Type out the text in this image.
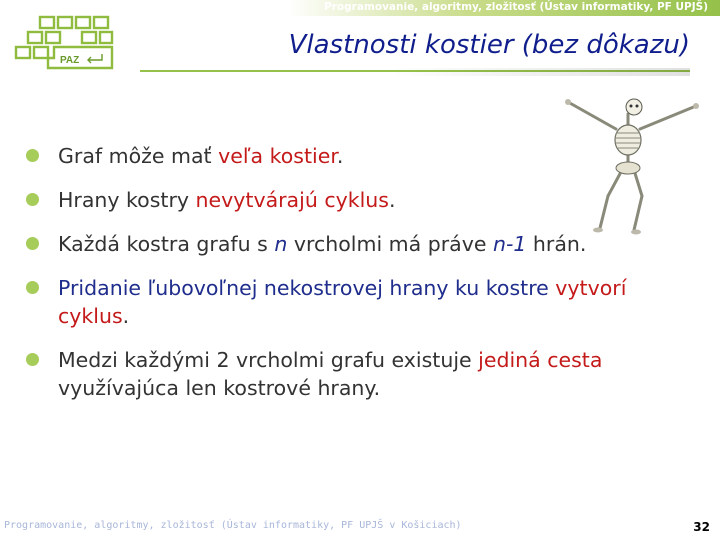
Programovanie, algoritmy, zložitosť (Ústav informatiky, PF UPJŠ)
PAZ
Vlastnosti kostier (bez dôkazu)
Graf môže mať veľa kostier.
Hrany kostry nevytvárajú cyklus.
Každá kostra grafu s n vrcholmi má práve n-1 hrán.
Pridanie ľubovoľnej nekostrovej hrany ku kostre vytvorí cyklus.
Medzi každými 2 vrcholmi grafu existuje jediná cesta využívajúca len kostrové hrany.
Programovanie, algoritmy, zložitosť (Ústav informatiky, PF UPJŠ v Košiciach)	32
